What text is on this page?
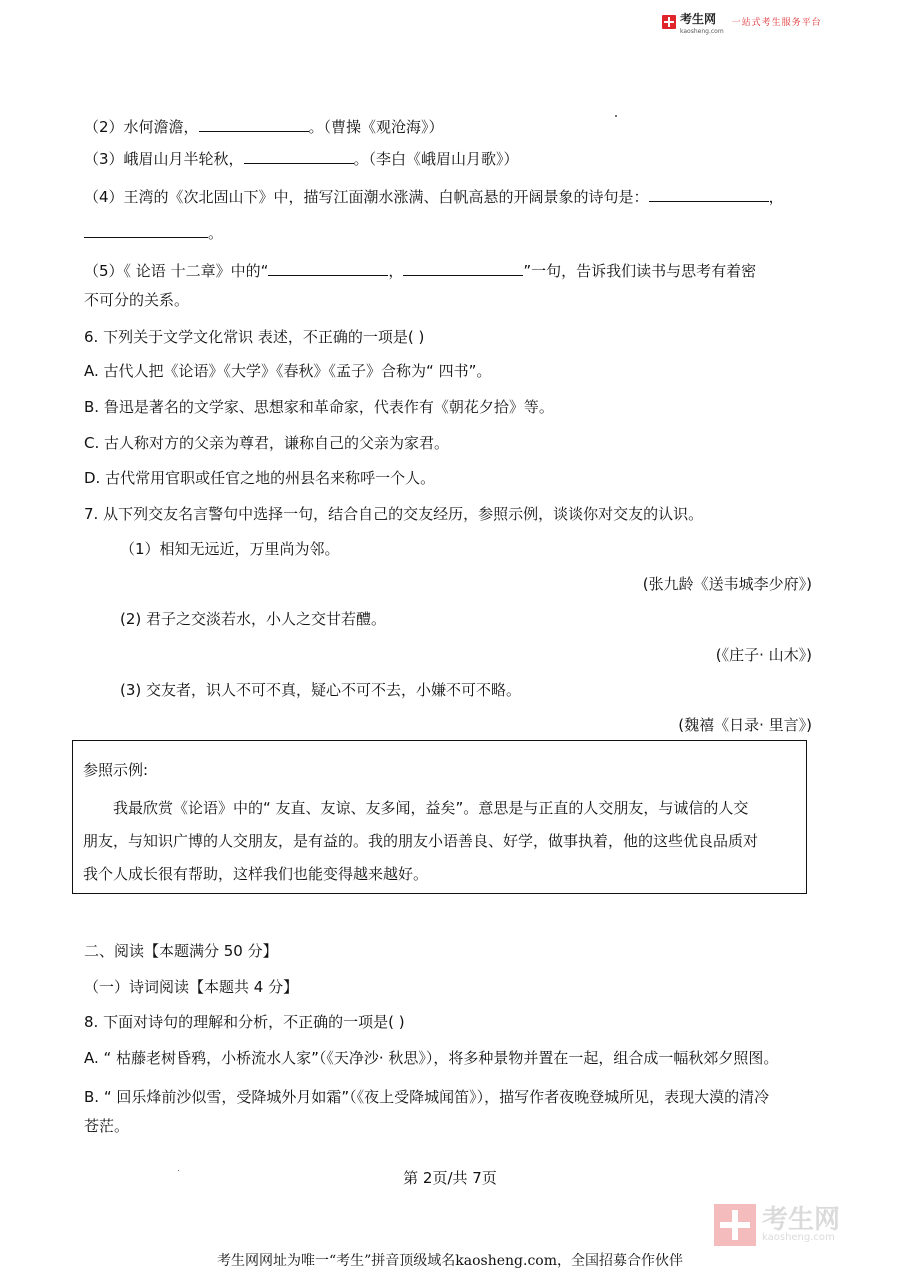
考生网
kaosheng.com
一站式考生服务平台
（2）水何澹澹，	。（曹操《观沧海》）
（3）峨眉山月半轮秋，	。（李白《峨眉山月歌》）
（4）王湾的《次北固山下》中，描写江面潮水涨满、白帆高悬的开阔景象的诗句是：	，
。
（5）《 论语 十二章》中的“	，	”一句，告诉我们读书与思考有着密
不可分的关系。
6. 下列关于文学文化常识 表述，不正确的一项是( )
A. 古代人把《论语》《大学》《春秋》《孟子》合称为“ 四书”。
B. 鲁迅是著名的文学家、思想家和革命家，代表作有《朝花夕拾》等。
C. 古人称对方的父亲为尊君，谦称自己的父亲为家君。
D. 古代常用官职或任官之地的州县名来称呼一个人。
7. 从下列交友名言警句中选择一句，结合自己的交友经历，参照示例，谈谈你对交友的认识。
（1）相知无远近，万里尚为邻。
(张九龄《送韦城李少府》)
(2) 君子之交淡若水，小人之交甘若醴。
(《庄子· 山木》)
(3) 交友者，识人不可不真，疑心不可不去，小嫌不可不略。
(魏禧《日录· 里言》)
参照示例:
我最欣赏《论语》中的“ 友直、友谅、友多闻，益矣”。意思是与正直的人交朋友，与诚信的人交
朋友，与知识广博的人交朋友，是有益的。我的朋友小语善良、好学，做事执着，他的这些优良品质对
我个人成长很有帮助，这样我们也能变得越来越好。
二、阅读【本题满分 50 分】
（一）诗词阅读【本题共 4 分】
8. 下面对诗句的理解和分析，不正确的一项是( )
A. “ 枯藤老树昏鸦，小桥流水人家”（《天净沙· 秋思》），将多种景物并置在一起，组合成一幅秋郊夕照图。
B. “ 回乐烽前沙似雪，受降城外月如霜”（《夜上受降城闻笛》），描写作者夜晚登城所见，表现大漠的清冷
苍茫。
第 2页/共 7页
考生网
kaosheng.com
考生网网址为唯一“考生”拼音顶级域名kaosheng.com，全国招募合作伙伴
